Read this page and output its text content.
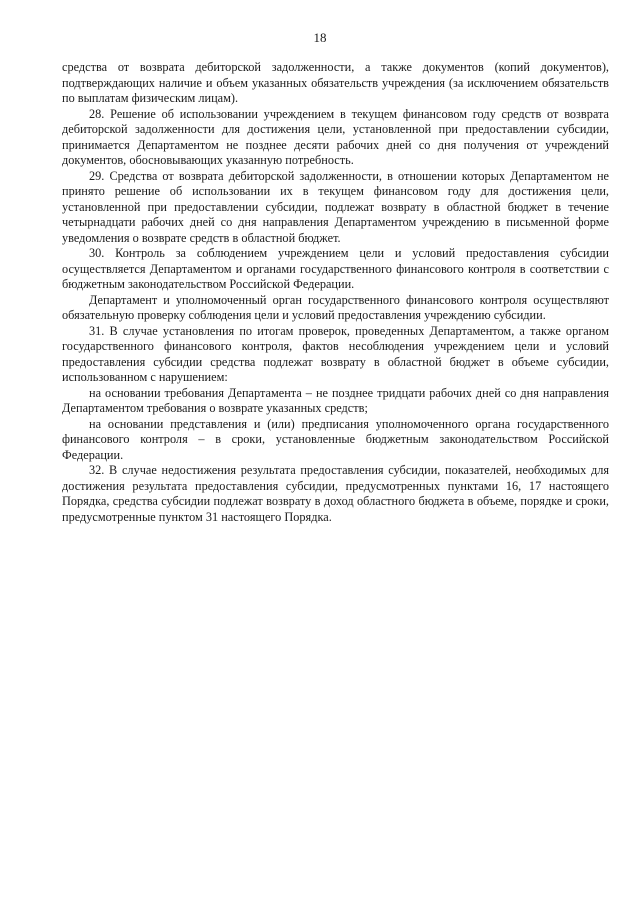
18

средства от возврата дебиторской задолженности, а также документов (копий документов), подтверждающих наличие и объем указанных обязательств учреждения (за исключением обязательств по выплатам физическим лицам).

28. Решение об использовании учреждением в текущем финансовом году средств от возврата дебиторской задолженности для достижения цели, установленной при предоставлении субсидии, принимается Департаментом не позднее десяти рабочих дней со дня получения от учреждений документов, обосновывающих указанную потребность.

29. Средства от возврата дебиторской задолженности, в отношении которых Департаментом не принято решение об использовании их в текущем финансовом году для достижения цели, установленной при предоставлении субсидии, подлежат возврату в областной бюджет в течение четырнадцати рабочих дней со дня направления Департаментом учреждению в письменной форме уведомления о возврате средств в областной бюджет.

30. Контроль за соблюдением учреждением цели и условий предоставления субсидии осуществляется Департаментом и органами государственного финансового контроля в соответствии с бюджетным законодательством Российской Федерации.

Департамент и уполномоченный орган государственного финансового контроля осуществляют обязательную проверку соблюдения цели и условий предоставления учреждению субсидии.

31. В случае установления по итогам проверок, проведенных Департаментом, а также органом государственного финансового контроля, фактов несоблюдения учреждением цели и условий предоставления субсидии средства подлежат возврату в областной бюджет в объеме субсидии, использованном с нарушением:

на основании требования Департамента – не позднее тридцати рабочих дней со дня направления Департаментом требования о возврате указанных средств;

на основании представления и (или) предписания уполномоченного органа государственного финансового контроля – в сроки, установленные бюджетным законодательством Российской Федерации.

32. В случае недостижения результата предоставления субсидии, показателей, необходимых для достижения результата предоставления субсидии, предусмотренных пунктами 16, 17 настоящего Порядка, средства субсидии подлежат возврату в доход областного бюджета в объеме, порядке и сроки, предусмотренные пунктом 31 настоящего Порядка.
